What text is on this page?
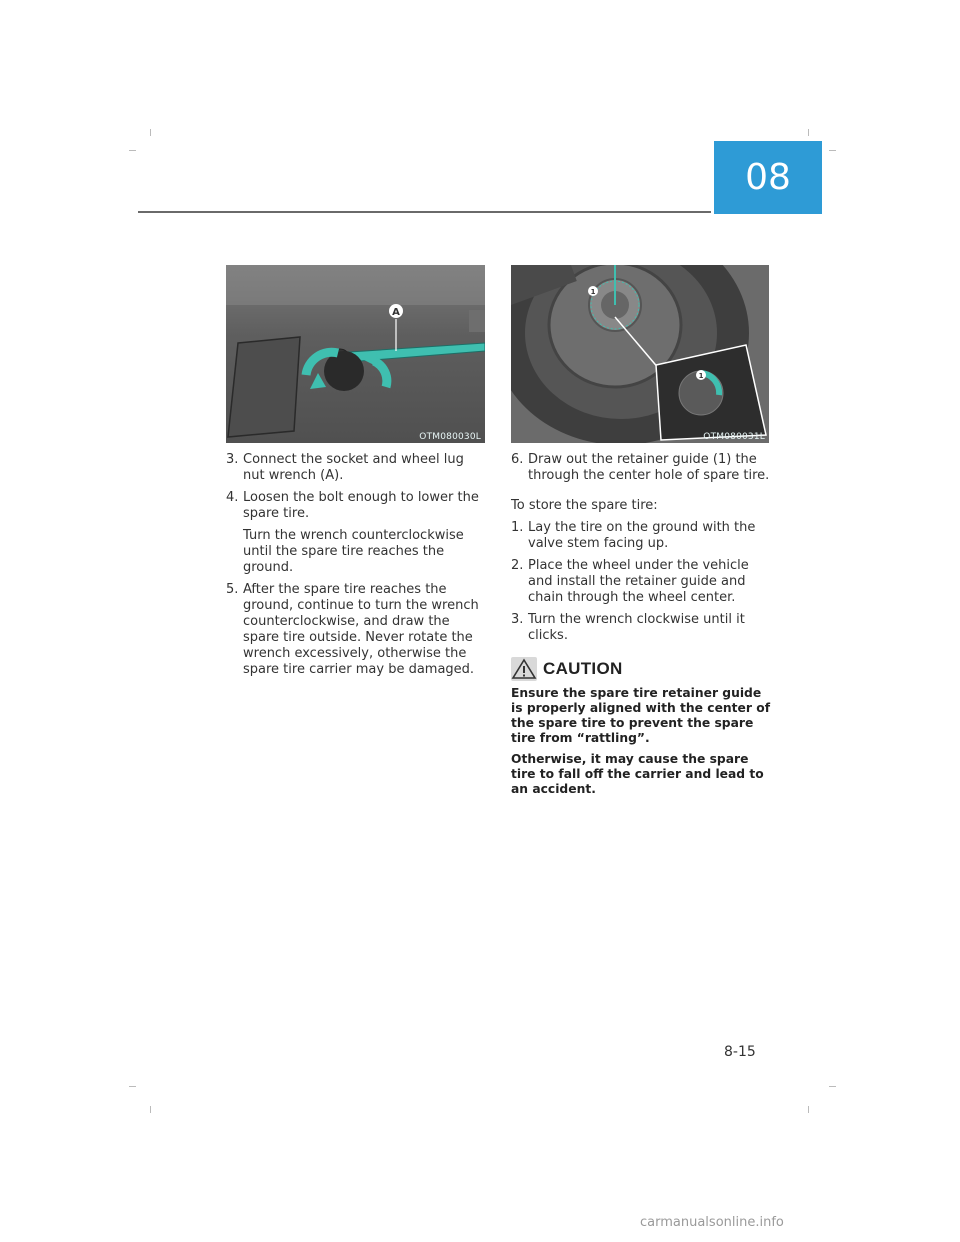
08
A
OTM080030L
1
1
OTM080031L
3. Connect the socket and wheel lug nut wrench (A).
4. Loosen the bolt enough to lower the spare tire.
Turn the wrench counterclockwise until the spare tire reaches the ground.
5. After the spare tire reaches the ground, continue to turn the wrench counterclockwise, and draw the spare tire outside. Never rotate the wrench excessively, otherwise the spare tire carrier may be damaged.
6. Draw out the retainer guide (1) the through the center hole of spare tire.
To store the spare tire:
1. Lay the tire on the ground with the valve stem facing up.
2. Place the wheel under the vehicle and install the retainer guide and chain through the wheel center.
3. Turn the wrench clockwise until it clicks.
CAUTION
Ensure the spare tire retainer guide is properly aligned with the center of the spare tire to prevent the spare tire from “rattling”.
Otherwise, it may cause the spare tire to fall off the carrier and lead to an accident.
8-15
carmanualsonline.info
